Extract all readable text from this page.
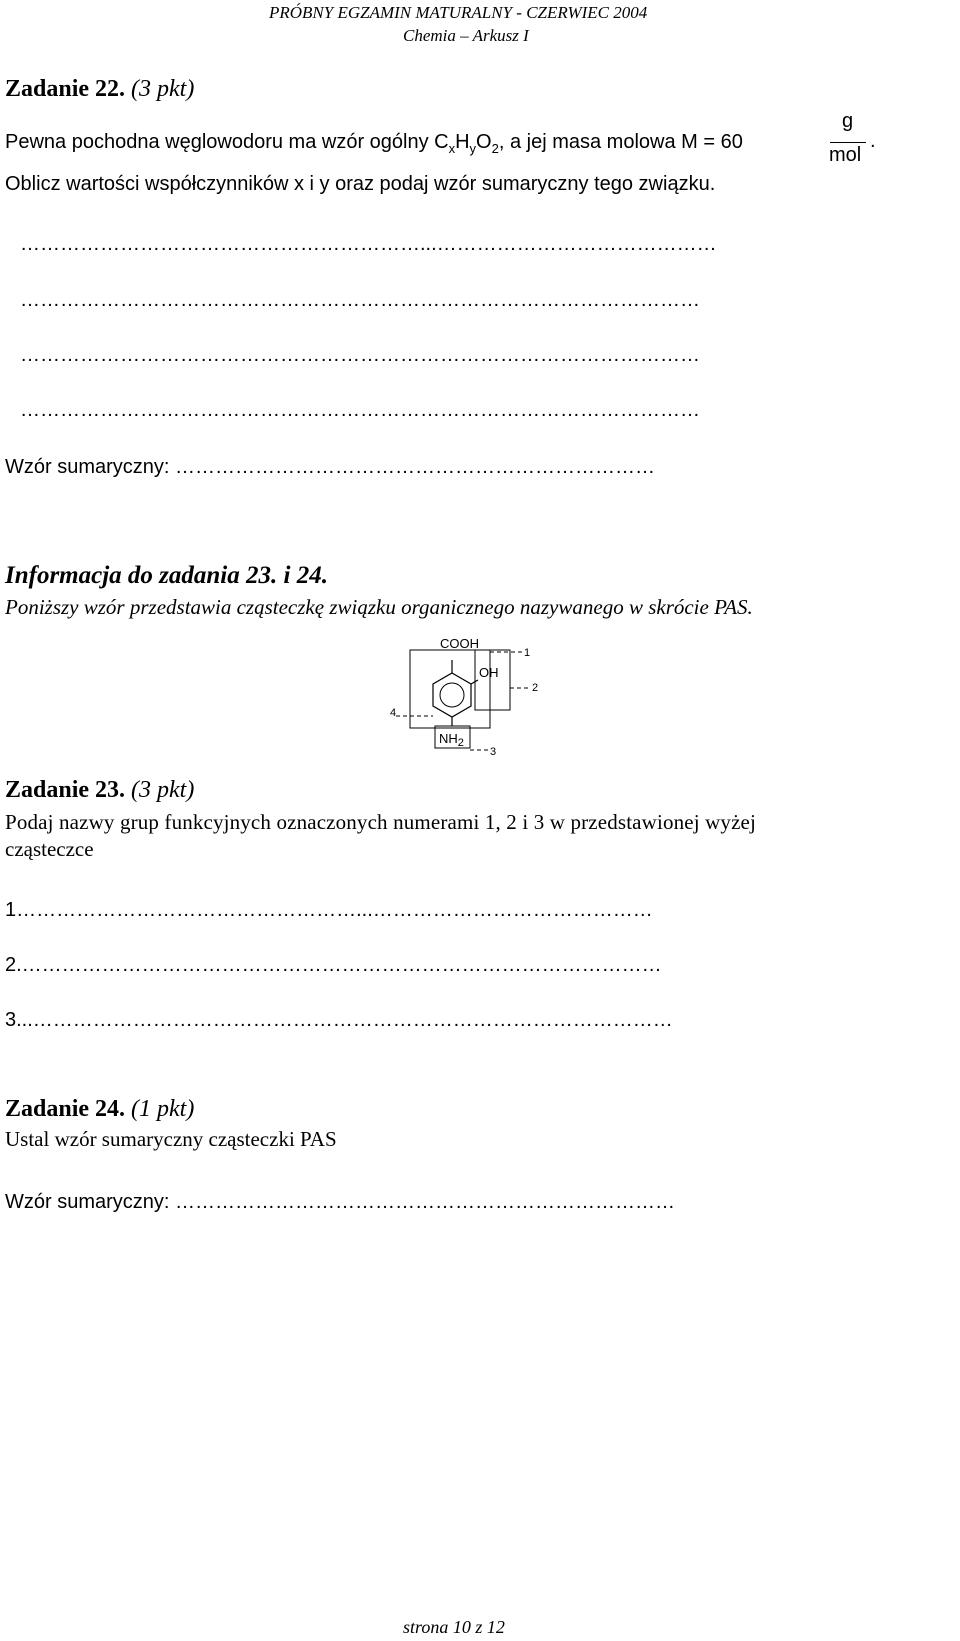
PRÓBNY EGZAMIN MATURALNY - CZERWIEC 2004
Chemia – Arkusz I
Zadanie 22. (3 pkt)
Pewna pochodna węglowodoru ma wzór ogólny $C_xH_yO_2$, a jej masa molowa M = 60
g
mol
.
Oblicz wartości współczynników x i y oraz podaj wzór sumaryczny tego związku.
……………………………………………………...……………………………………
…………………………………………………………………………………………
…………………………………………………………………………………………
…………………………………………………………………………………………
Wzór sumaryczny: ………………………………………………………………
Informacja do zadania 23. i 24.
Poniższy wzór przedstawia cząsteczkę związku organicznego nazywanego w skrócie PAS.
COOH
OH
$NH_2$
1
2
3
4
Zadanie 23. (3 pkt)
Podaj nazwy grup funkcyjnych oznaczonych numerami 1, 2 i 3 w przedstawionej wyżej
cząsteczce
1……………………………………………...……………………………………
2.……………………………………………………………………………………
3...……………………………………………………………………………………
Zadanie 24. (1 pkt)
Ustal wzór sumaryczny cząsteczki PAS
Wzór sumaryczny: …………………………………………………………………
strona 10 z 12
